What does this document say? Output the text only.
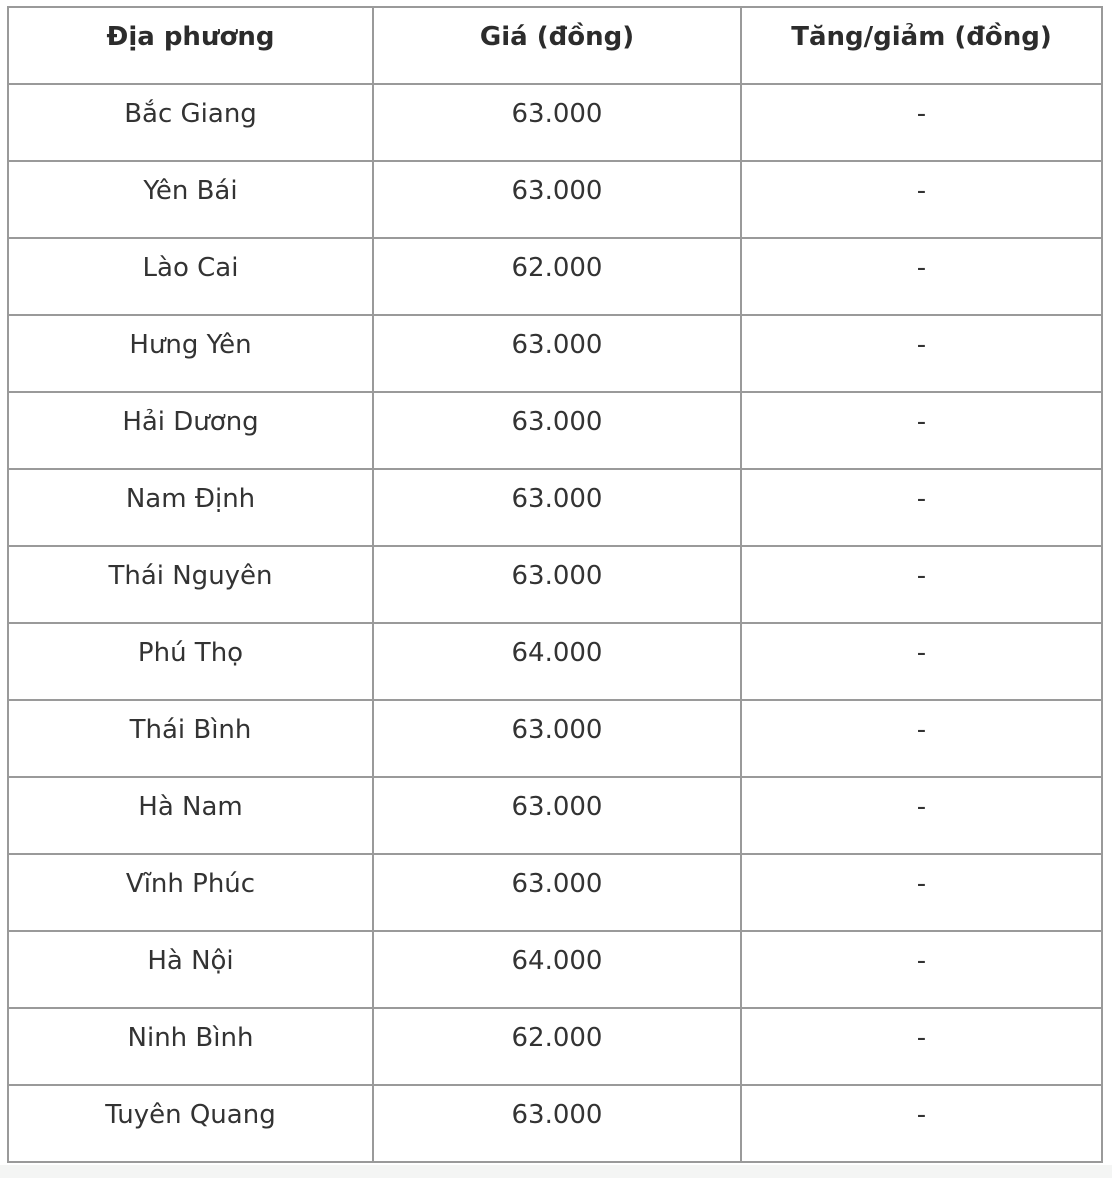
Địa phương	Giá (đồng)	Tăng/giảm (đồng)
Bắc Giang	63.000	-
Yên Bái	63.000	-
Lào Cai	62.000	-
Hưng Yên	63.000	-
Hải Dương	63.000	-
Nam Định	63.000	-
Thái Nguyên	63.000	-
Phú Thọ	64.000	-
Thái Bình	63.000	-
Hà Nam	63.000	-
Vĩnh Phúc	63.000	-
Hà Nội	64.000	-
Ninh Bình	62.000	-
Tuyên Quang	63.000	-
